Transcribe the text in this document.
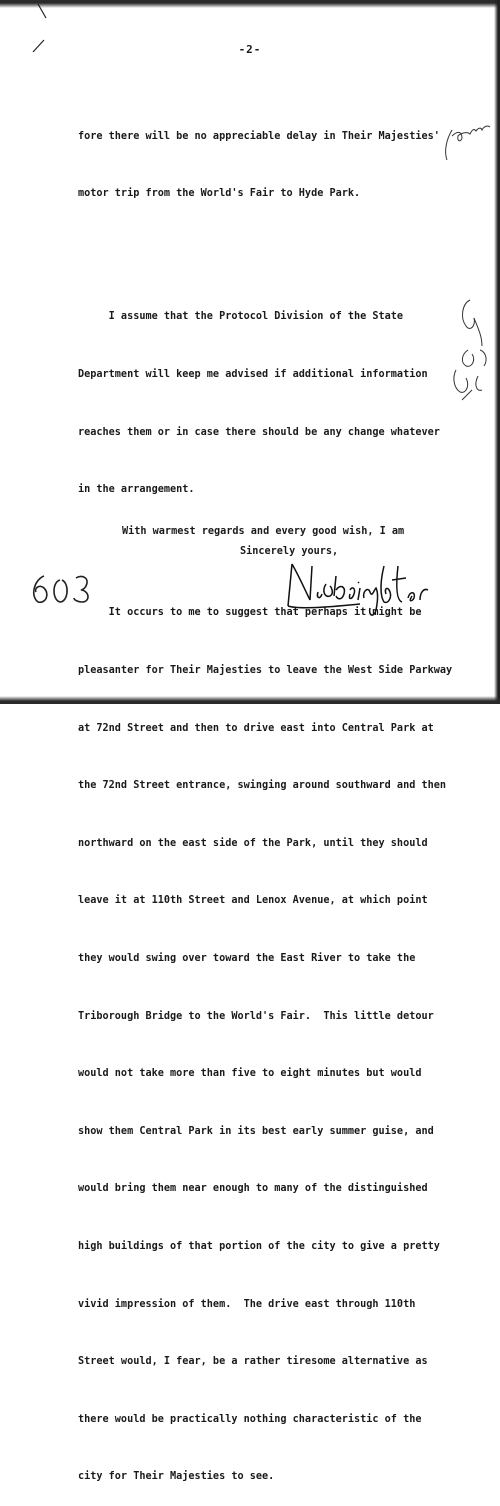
-2-

fore there will be no appreciable delay in Their Majesties'

motor trip from the World's Fair to Hyde Park.

I assume that the Protocol Division of the State

Department will keep me advised if additional information

reaches them or in case there should be any change whatever

in the arrangement.

It occurs to me to suggest that perhaps it might be

pleasanter for Their Majesties to leave the West Side Parkway

at 72nd Street and then to drive east into Central Park at

the 72nd Street entrance, swinging around southward and then

northward on the east side of the Park, until they should

leave it at 110th Street and Lenox Avenue, at which point

they would swing over toward the East River to take the

Triborough Bridge to the World's Fair.  This little detour

would not take more than five to eight minutes but would

show them Central Park in its best early summer guise, and

would bring them near enough to many of the distinguished

high buildings of that portion of the city to give a pretty

vivid impression of them.  The drive east through 110th

Street would, I fear, be a rather tiresome alternative as

there would be practically nothing characteristic of the

city for Their Majesties to see.

With warmest regards and every good wish, I am
Sincerely yours,
